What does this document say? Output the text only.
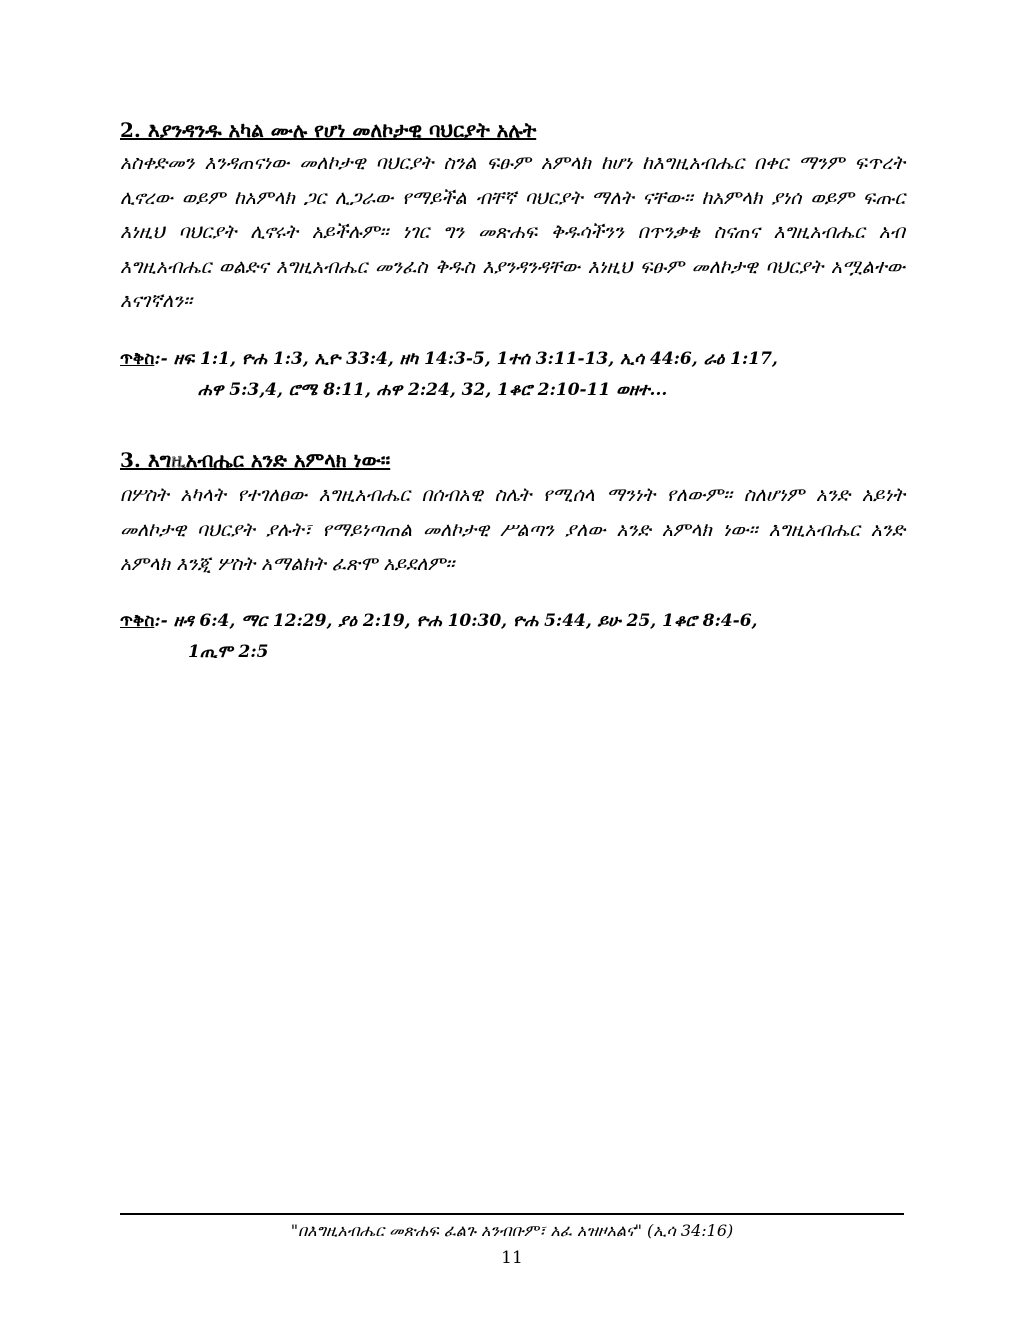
2. እያንዳንዱ አካል ሙሉ የሆነ መለኮታዊ ባህርያት አሉት
አስቀድመን እንዳጠናነው መለኮታዊ ባህርያት ስንል ፍፁም አምላክ ከሆነ ከእግዚአብሔር በቀር ማንም ፍጥረት ሊኖረው ወይም ከአምላክ ጋር ሊጋራው የማይችል ብቸኛ ባህርያት ማለት ናቸው፡፡ ከአምላክ ያነሰ ወይም ፍጡር እነዚህ ባህርያት ሊኖሩት አይችሉም፡፡ ነገር ግን መጽሐፍ ቅዱሳችንን በጥንቃቄ ስናጠና እግዚአብሔር አብ እግዚአብሔር ወልድና እግዚአብሔር መንፈስ ቅዱስ እያንዳንዳቸው እነዚህ ፍፁም መለኮታዊ ባህርያት አሟልተው እናገኛለን፡፡
ጥቅስ:- ዘፍ 1:1, ዮሐ 1:3, ኢዮ 33:4, ዘካ 14:3-5, 1ተሰ 3:11-13, ኢሳ 44:6, ራዕ 1:17,
ሐዋ 5:3,4, ሮሜ 8:11, ሐዋ 2:24, 32, 1ቆሮ 2:10-11 ወዘተ...
3. እግዚአብሔር አንድ አምላክ ነው፡፡
በሦስት አካላት የተገለፀው እግዚአብሔር በሰብአዊ ስሌት የሚሰላ ማንነት የለውም፡፡ ስለሆነም አንድ አይነት መለኮታዊ ባህርያት ያሉት፣ የማይነጣጠል መለኮታዊ ሥልጣን ያለው አንድ አምላክ ነው፡፡ እግዚአብሔር አንድ አምላክ እንጂ ሦስት አማልክት ፈጽሞ አይደለም፡፡
ጥቅስ:- ዘዳ 6:4, ማር 12:29, ያዕ 2:19, ዮሐ 10:30, ዮሐ 5:44, ይሁ 25, 1ቆሮ 8:4-6,
1ጢሞ 2:5
"በእግዚአብሔር መጽሐፍ ፈልጉ አንብቡም፣ አፈ አዝዞአልና" (ኢሳ 34:16)
11
